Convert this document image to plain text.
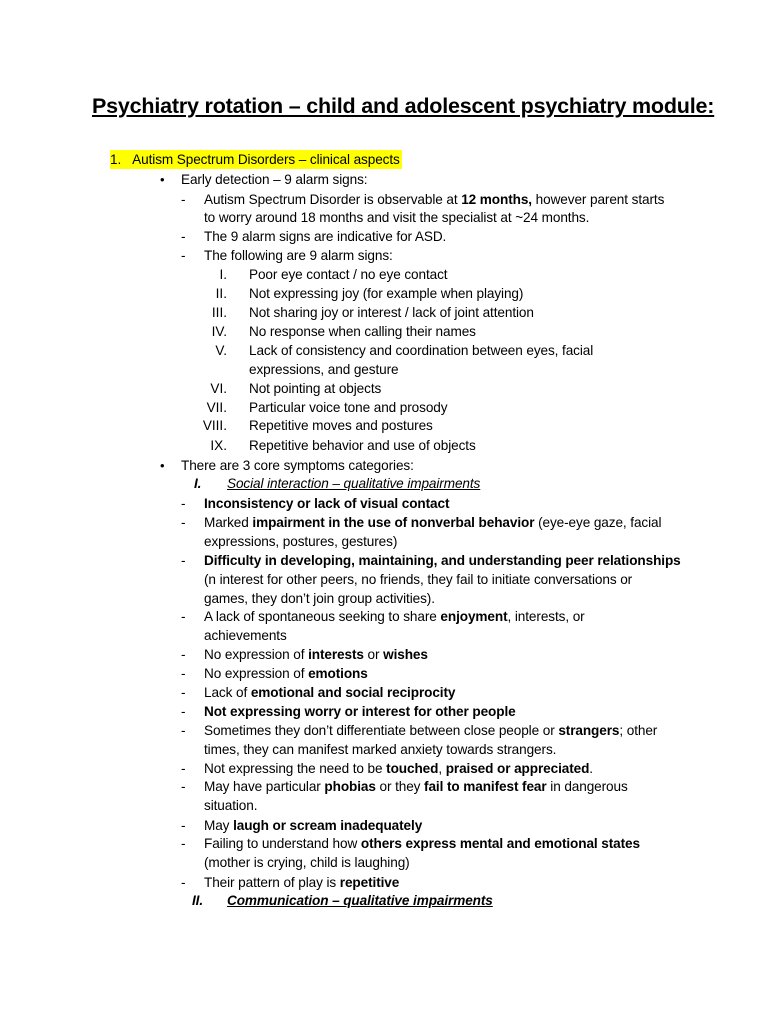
Psychiatry rotation – child and adolescent psychiatry module:
1. Autism Spectrum Disorders – clinical aspects
• Early detection – 9 alarm signs:
- Autism Spectrum Disorder is observable at 12 months, however parent starts
to worry around 18 months and visit the specialist at ~24 months.
- The 9 alarm signs are indicative for ASD.
- The following are 9 alarm signs:
I. Poor eye contact / no eye contact
II. Not expressing joy (for example when playing)
III. Not sharing joy or interest / lack of joint attention
IV. No response when calling their names
V. Lack of consistency and coordination between eyes, facial
expressions, and gesture
VI. Not pointing at objects
VII. Particular voice tone and prosody
VIII. Repetitive moves and postures
IX. Repetitive behavior and use of objects
• There are 3 core symptoms categories:
I. Social interaction – qualitative impairments
- Inconsistency or lack of visual contact
- Marked impairment in the use of nonverbal behavior (eye-eye gaze, facial
expressions, postures, gestures)
- Difficulty in developing, maintaining, and understanding peer relationships
(n interest for other peers, no friends, they fail to initiate conversations or
games, they don’t join group activities).
- A lack of spontaneous seeking to share enjoyment, interests, or
achievements
- No expression of interests or wishes
- No expression of emotions
- Lack of emotional and social reciprocity
- Not expressing worry or interest for other people
- Sometimes they don’t differentiate between close people or strangers; other
times, they can manifest marked anxiety towards strangers.
- Not expressing the need to be touched, praised or appreciated.
- May have particular phobias or they fail to manifest fear in dangerous
situation.
- May laugh or scream inadequately
- Failing to understand how others express mental and emotional states
(mother is crying, child is laughing)
- Their pattern of play is repetitive
II. Communication – qualitative impairments
